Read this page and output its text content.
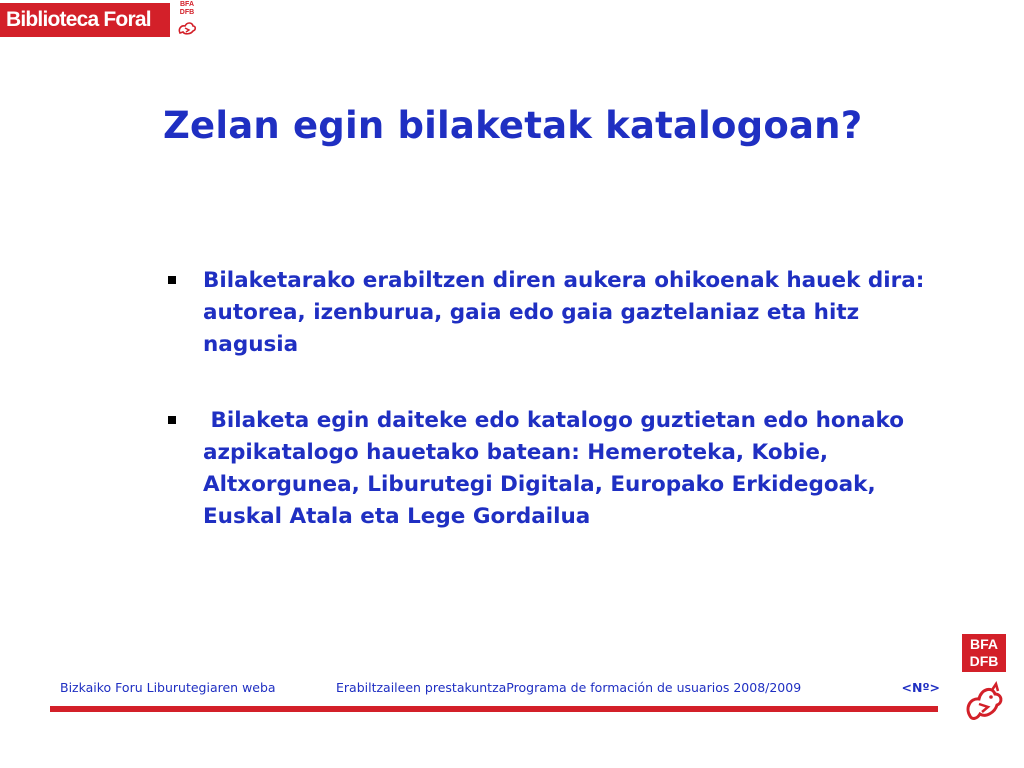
Biblioteca Foral
BFA
DFB
Zelan egin bilaketak katalogoan?
Bilaketarako erabiltzen diren aukera ohikoenak hauek dira: autorea, izenburua, gaia edo gaia gaztelaniaz eta hitz nagusia
Bilaketa egin daiteke edo katalogo guztietan edo honako azpikatalogo hauetako batean: Hemeroteka, Kobie, Altxorgunea, Liburutegi Digitala, Europako Erkidegoak, Euskal Atala eta Lege Gordailua
Bizkaiko Foru Liburutegiaren weba	Erabiltzaileen prestakuntzaPrograma de formación de usuarios 2008/2009	<Nº>
BFA
DFB
